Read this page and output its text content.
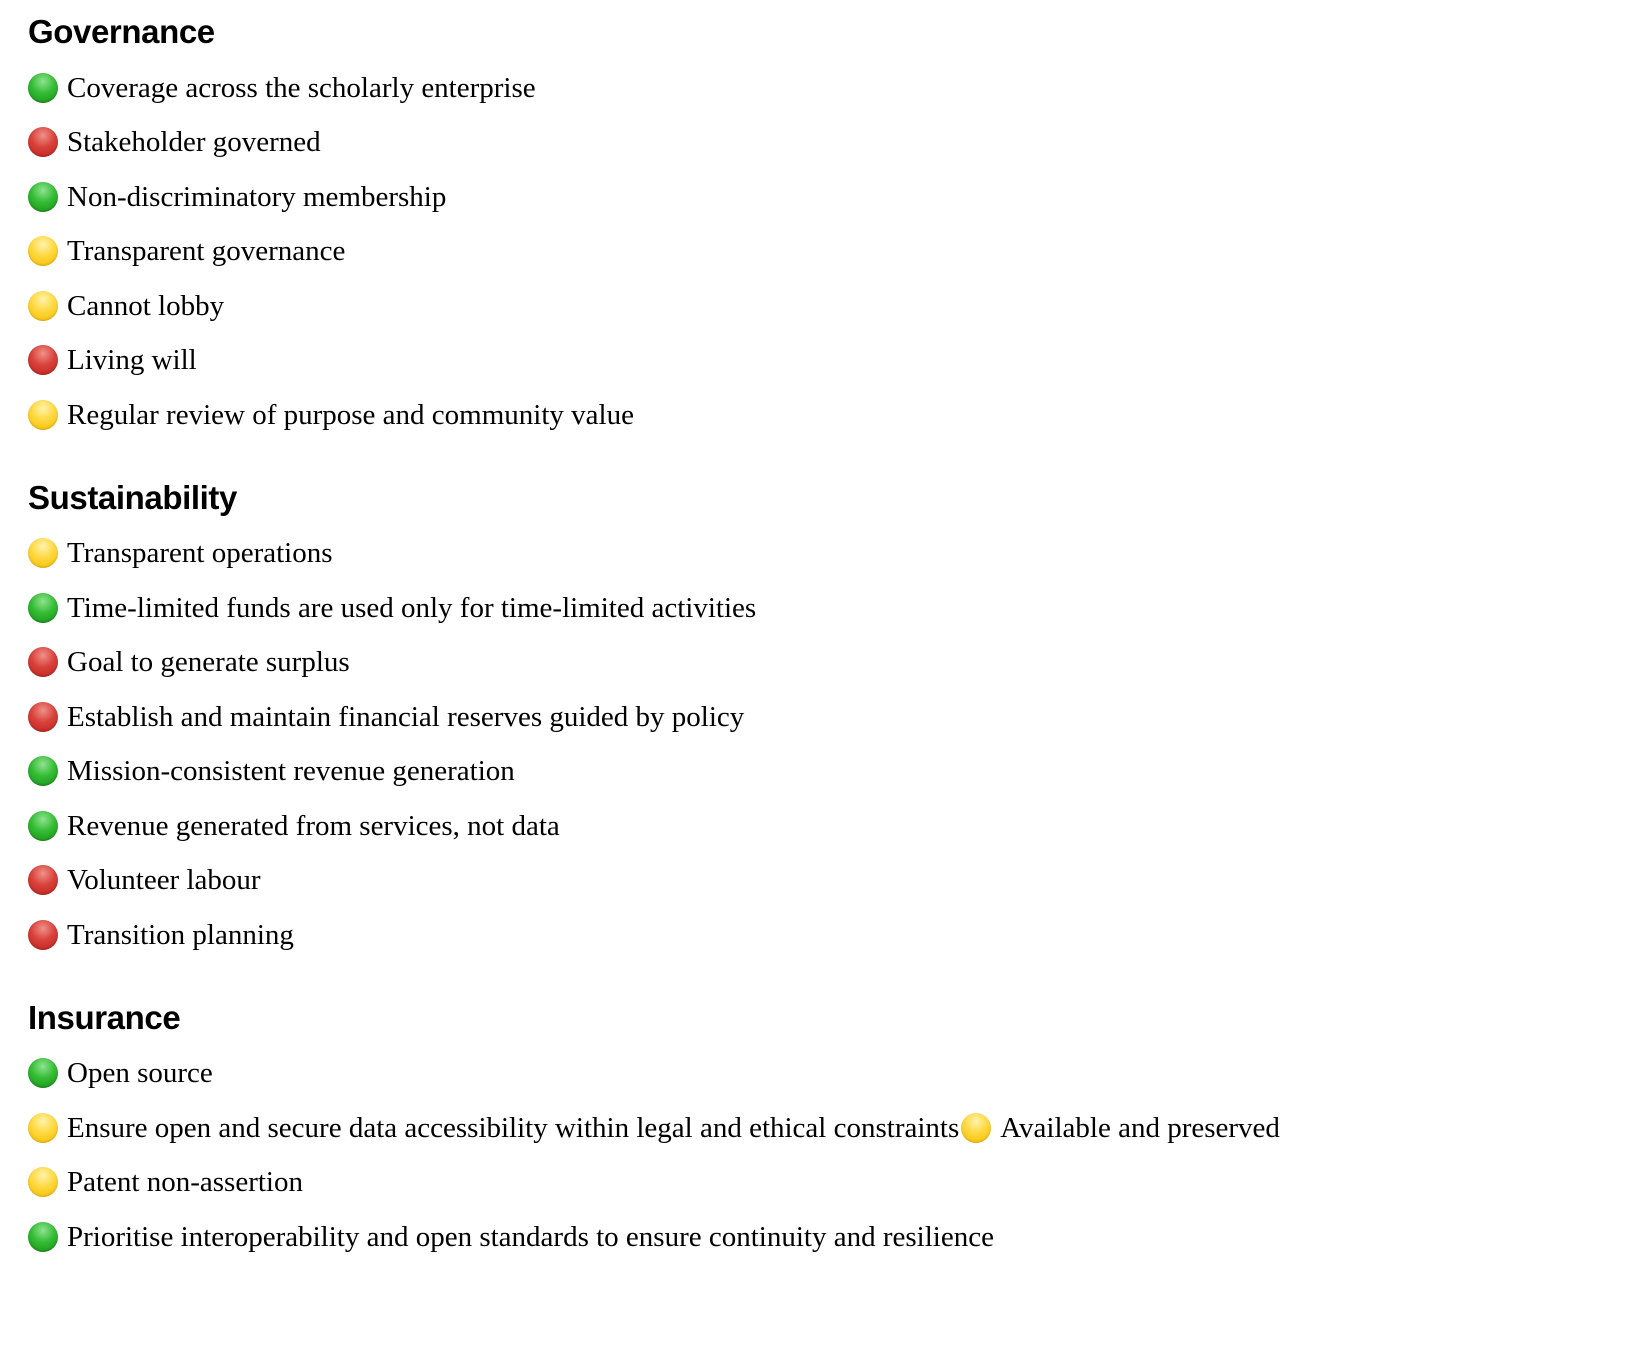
Governance

Coverage across the scholarly enterprise

Stakeholder governed

Non-discriminatory membership

Transparent governance

Cannot lobby

Living will

Regular review of purpose and community value

Sustainability

Transparent operations

Time-limited funds are used only for time-limited activities

Goal to generate surplus

Establish and maintain financial reserves guided by policy

Mission-consistent revenue generation

Revenue generated from services, not data

Volunteer labour

Transition planning

Insurance

Open source

Ensure open and secure data accessibility within legal and ethical constraints Available and preserved

Patent non-assertion

Prioritise interoperability and open standards to ensure continuity and resilience
